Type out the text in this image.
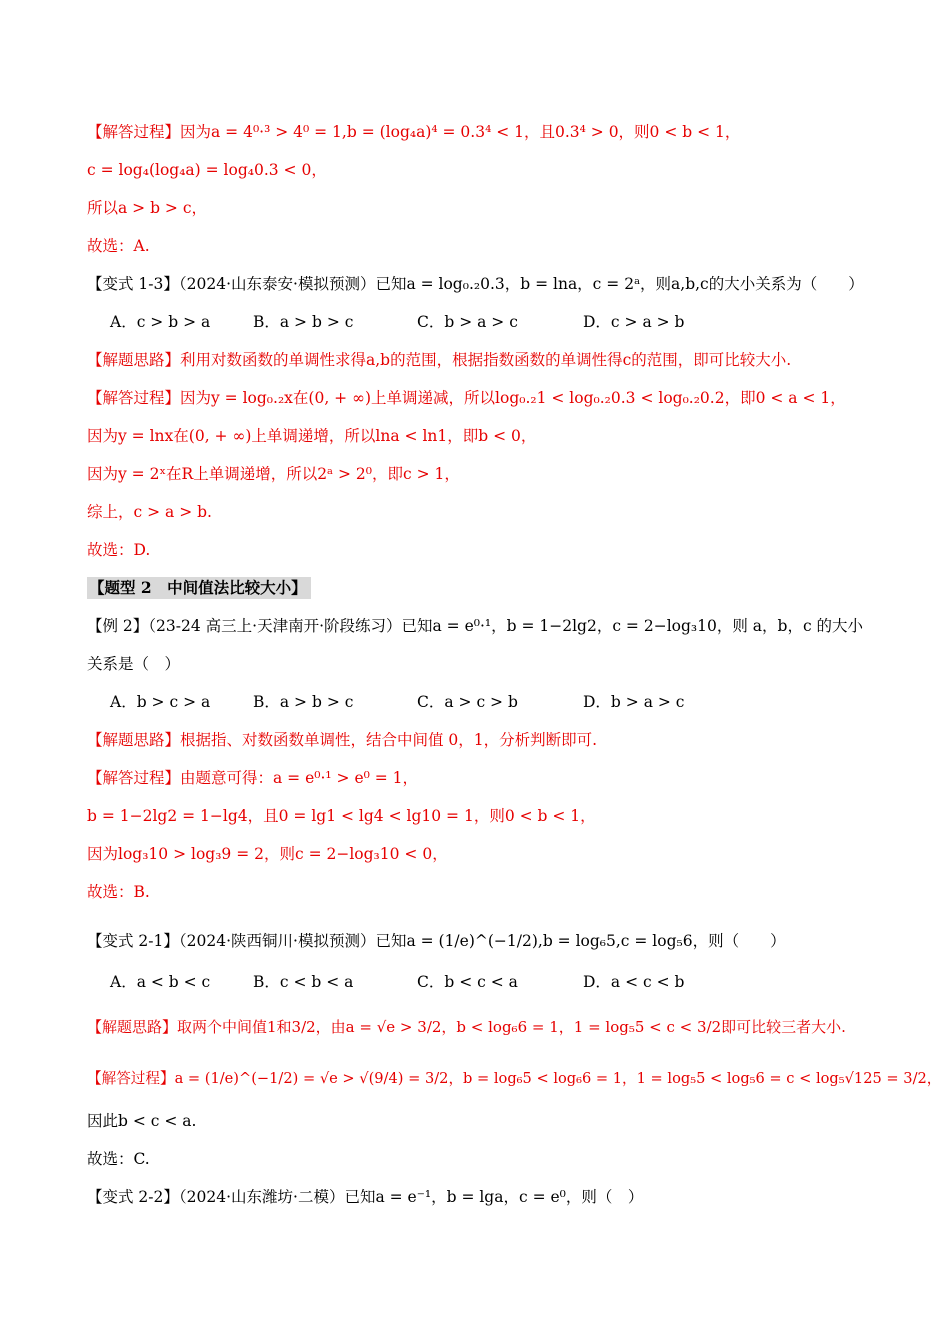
【解答过程】因为a = 4⁰·³ > 4⁰ = 1,b = (log₄a)⁴ = 0.3⁴ < 1，且0.3⁴ > 0，则0 < b < 1，
c = log₄(log₄a) = log₄0.3 < 0，
所以a > b > c，
故选：A.
【变式 1-3】（2024·山东泰安·模拟预测）已知a = log₀.₂0.3，b = lna，c = 2ᵃ，则a,b,c的大小关系为（　　）
A．c > b > a	B．a > b > c	C．b > a > c	D．c > a > b
【解题思路】利用对数函数的单调性求得a,b的范围，根据指数函数的单调性得c的范围，即可比较大小.
【解答过程】因为y = log₀.₂x在(0, + ∞)上单调递减，所以log₀.₂1 < log₀.₂0.3 < log₀.₂0.2，即0 < a < 1，
因为y = lnx在(0, + ∞)上单调递增，所以lna < ln1，即b < 0，
因为y = 2ˣ在R上单调递增，所以2ᵃ > 2⁰，即c > 1，
综上，c > a > b.
故选：D.
【题型 2　中间值法比较大小】
【例 2】（23-24 高三上·天津南开·阶段练习）已知a = e⁰·¹，b = 1−2lg2，c = 2−log₃10，则 a，b，c 的大小
关系是（　）
A．b > c > a	B．a > b > c	C．a > c > b	D．b > a > c
【解题思路】根据指、对数函数单调性，结合中间值 0，1，分析判断即可.
【解答过程】由题意可得：a = e⁰·¹ > e⁰ = 1，
b = 1−2lg2 = 1−lg4，且0 = lg1 < lg4 < lg10 = 1，则0 < b < 1，
因为log₃10 > log₃9 = 2，则c = 2−log₃10 < 0，
故选：B.
【变式 2-1】（2024·陕西铜川·模拟预测）已知a = (1/e)^(−1/2),b = log₆5,c = log₅6，则（　　）
A．a < b < c	B．c < b < a	C．b < c < a	D．a < c < b
【解题思路】取两个中间值1和3/2，由a = √e > 3/2，b < log₆6 = 1，1 = log₅5 < c < 3/2即可比较三者大小.
【解答过程】a = (1/e)^(−1/2) = √e > √(9/4) = 3/2，b = log₆5 < log₆6 = 1，1 = log₅5 < log₅6 = c < log₅√125 = 3/2，
因此b < c < a.
故选：C.
【变式 2-2】（2024·山东潍坊·二模）已知a = e⁻¹，b = lga，c = e⁰，则（　）
